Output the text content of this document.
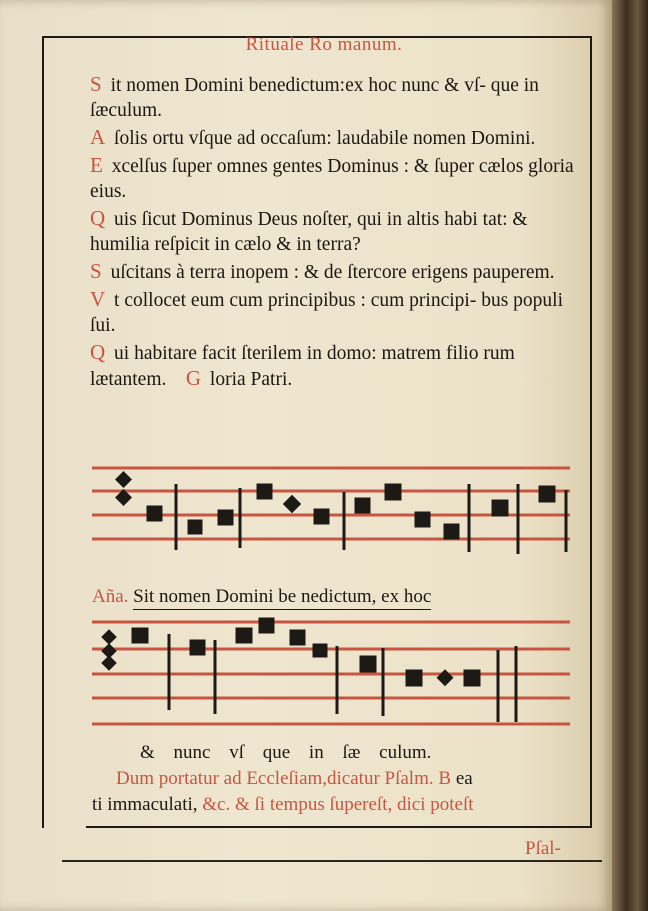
Rituale Ro manum.
S it nomen Domini benedictum:ex hoc nunc & vſ- que in ſæculum.
A ſolis ortu vſque ad occaſum: laudabile nomen Domini.
E xcelſus ſuper omnes gentes Dominus : & ſuper cælos gloria eius.
Q uis ſicut Dominus Deus noſter, qui in altis habi tat: & humilia reſpicit in cælo & in terra?
S uſcitans à terra inopem : & de ſtercore erigens pauperem.
V t collocet eum cum principibus : cum principi- bus populi ſui.
Q ui habitare facit ſterilem in domo: matrem filio rum lætantem. G loria Patri.
Aña. Sit nomen Domini be nedictum, ex hoc
& nunc vſ que in ſæ culum.
Dum portatur ad Eccleſiam,dicatur Pſalm. B ea
ti immaculati, &c. & ſi tempus ſupereſt, dici poteſt
Pſal-
